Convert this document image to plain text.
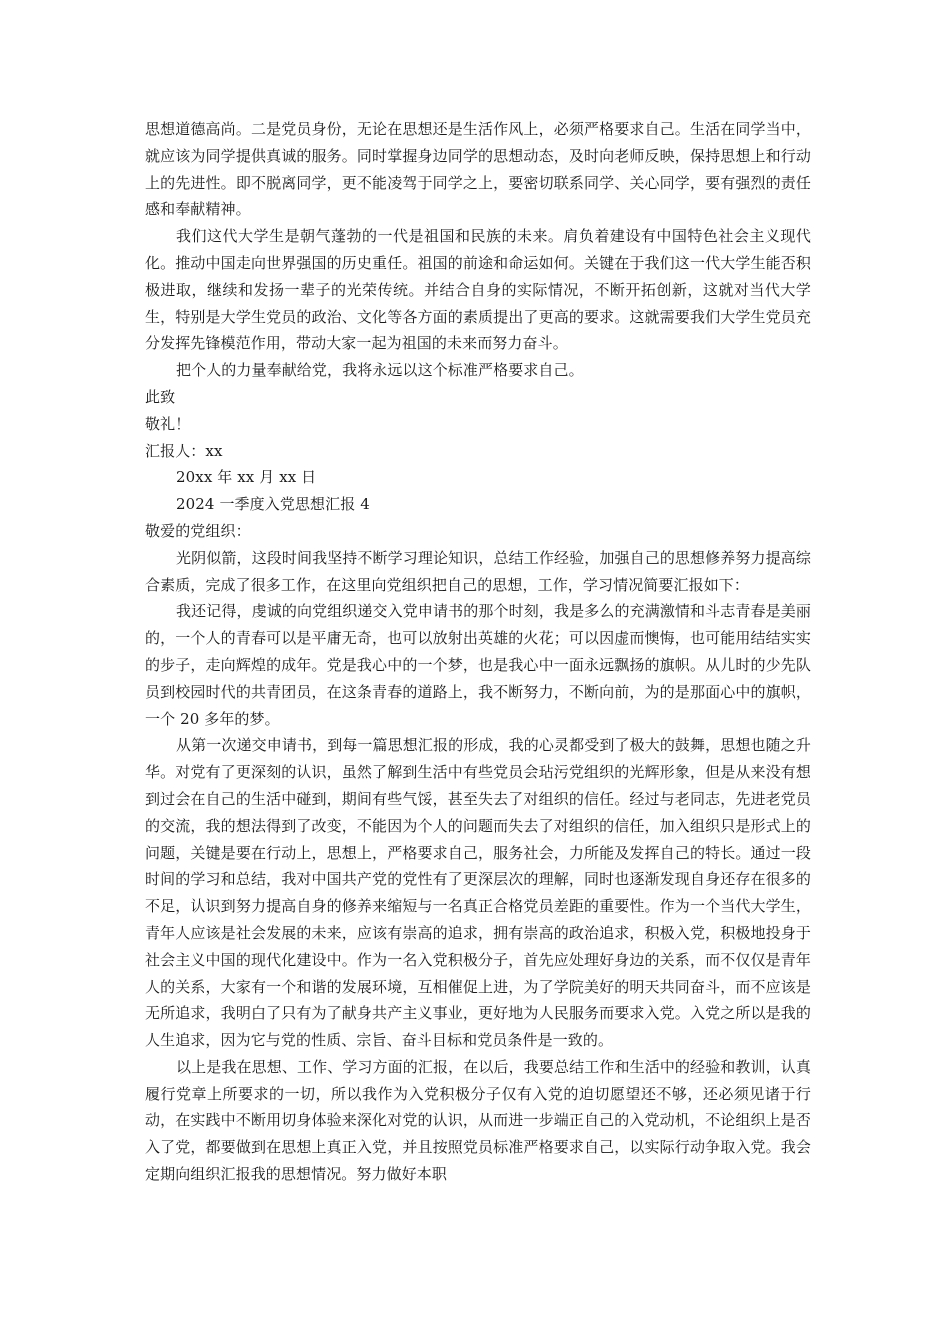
思想道德高尚。二是党员身份，无论在思想还是生活作风上，必须严格要求自己。生活在同学当中，就应该为同学提供真诚的服务。同时掌握身边同学的思想动态，及时向老师反映，保持思想上和行动上的先进性。即不脱离同学，更不能凌驾于同学之上，要密切联系同学、关心同学，要有强烈的责任感和奉献精神。

我们这代大学生是朝气蓬勃的一代是祖国和民族的未来。肩负着建设有中国特色社会主义现代化。推动中国走向世界强国的历史重任。祖国的前途和命运如何。关键在于我们这一代大学生能否积极进取，继续和发扬一辈子的光荣传统。并结合自身的实际情况，不断开拓创新，这就对当代大学生，特别是大学生党员的政治、文化等各方面的素质提出了更高的要求。这就需要我们大学生党员充分发挥先锋模范作用，带动大家一起为祖国的未来而努力奋斗。

把个人的力量奉献给党，我将永远以这个标准严格要求自己。

此致

敬礼！

汇报人：xx

20xx 年 xx 月 xx 日

2024 一季度入党思想汇报 4

敬爱的党组织：

光阴似箭，这段时间我坚持不断学习理论知识，总结工作经验，加强自己的思想修养努力提高综合素质，完成了很多工作，在这里向党组织把自己的思想，工作，学习情况简要汇报如下：

我还记得，虔诚的向党组织递交入党申请书的那个时刻，我是多么的充满激情和斗志青春是美丽的，一个人的青春可以是平庸无奇，也可以放射出英雄的火花；可以因虚而懊悔，也可能用结结实实的步子，走向辉煌的成年。党是我心中的一个梦，也是我心中一面永远飘扬的旗帜。从儿时的少先队员到校园时代的共青团员，在这条青春的道路上，我不断努力，不断向前，为的是那面心中的旗帜，一个 20 多年的梦。

从第一次递交申请书，到每一篇思想汇报的形成，我的心灵都受到了极大的鼓舞，思想也随之升华。对党有了更深刻的认识，虽然了解到生活中有些党员会玷污党组织的光辉形象，但是从来没有想到过会在自己的生活中碰到，期间有些气馁，甚至失去了对组织的信任。经过与老同志，先进老党员的交流，我的想法得到了改变，不能因为个人的问题而失去了对组织的信任，加入组织只是形式上的问题，关键是要在行动上，思想上，严格要求自己，服务社会，力所能及发挥自己的特长。通过一段时间的学习和总结，我对中国共产党的党性有了更深层次的理解，同时也逐渐发现自身还存在很多的不足，认识到努力提高自身的修养来缩短与一名真正合格党员差距的重要性。作为一个当代大学生，青年人应该是社会发展的未来，应该有崇高的追求，拥有崇高的政治追求，积极入党，积极地投身于社会主义中国的现代化建设中。作为一名入党积极分子，首先应处理好身边的关系，而不仅仅是青年人的关系，大家有一个和谐的发展环境，互相催促上进，为了学院美好的明天共同奋斗，而不应该是无所追求，我明白了只有为了献身共产主义事业，更好地为人民服务而要求入党。入党之所以是我的人生追求，因为它与党的性质、宗旨、奋斗目标和党员条件是一致的。

以上是我在思想、工作、学习方面的汇报，在以后，我要总结工作和生活中的经验和教训，认真履行党章上所要求的一切，所以我作为入党积极分子仅有入党的迫切愿望还不够，还必须见诸于行动，在实践中不断用切身体验来深化对党的认识，从而进一步端正自己的入党动机，不论组织上是否入了党，都要做到在思想上真正入党，并且按照党员标准严格要求自己，以实际行动争取入党。我会定期向组织汇报我的思想情况。努力做好本职
